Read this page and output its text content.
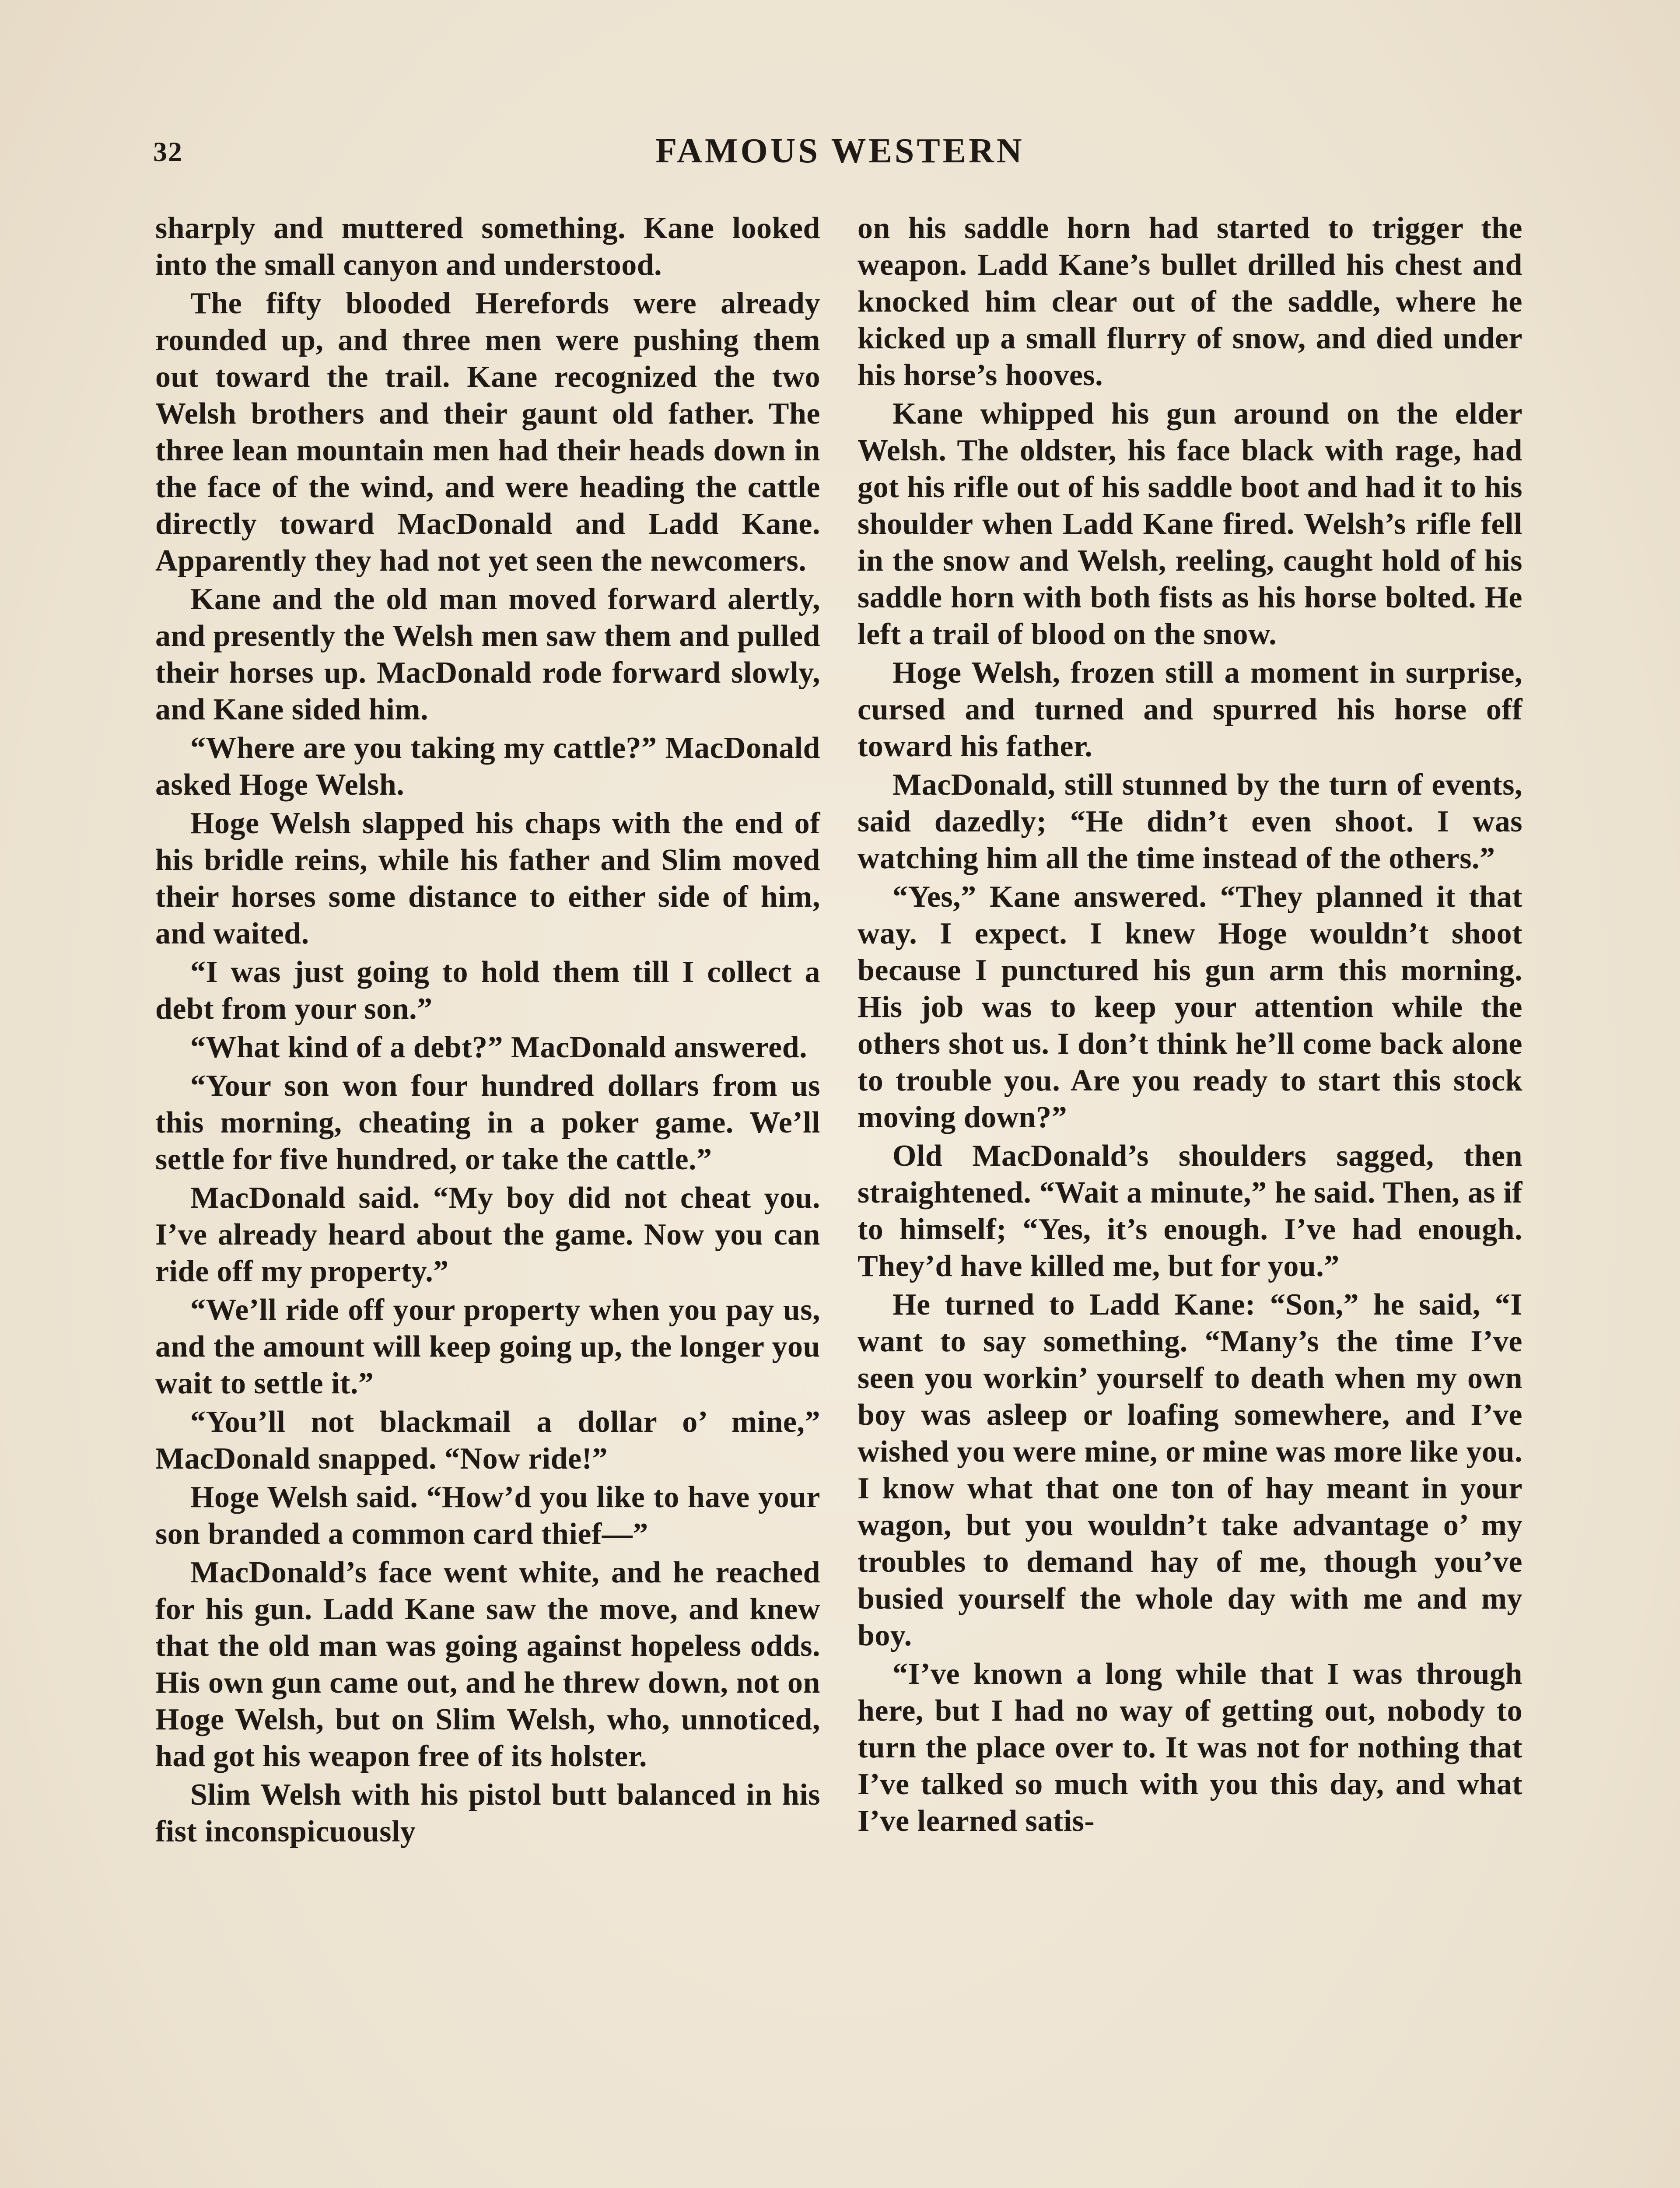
32	FAMOUS WESTERN

sharply and muttered something. Kane looked into the small canyon and understood.

The fifty blooded Herefords were already rounded up, and three men were pushing them out toward the trail. Kane recognized the two Welsh brothers and their gaunt old father. The three lean mountain men had their heads down in the face of the wind, and were heading the cattle directly toward MacDonald and Ladd Kane. Apparently they had not yet seen the newcomers.

Kane and the old man moved forward alertly, and presently the Welsh men saw them and pulled their horses up. MacDonald rode forward slowly, and Kane sided him.

“Where are you taking my cattle?” MacDonald asked Hoge Welsh.

Hoge Welsh slapped his chaps with the end of his bridle reins, while his father and Slim moved their horses some distance to either side of him, and waited.

“I was just going to hold them till I collect a debt from your son.”

“What kind of a debt?” MacDonald answered.

“Your son won four hundred dollars from us this morning, cheating in a poker game. We’ll settle for five hundred, or take the cattle.”

MacDonald said. “My boy did not cheat you. I’ve already heard about the game. Now you can ride off my property.”

“We’ll ride off your property when you pay us, and the amount will keep going up, the longer you wait to settle it.”

“You’ll not blackmail a dollar o’ mine,” MacDonald snapped. “Now ride!”

Hoge Welsh said. “How’d you like to have your son branded a common card thief—”

MacDonald’s face went white, and he reached for his gun. Ladd Kane saw the move, and knew that the old man was going against hopeless odds. His own gun came out, and he threw down, not on Hoge Welsh, but on Slim Welsh, who, unnoticed, had got his weapon free of its holster.

Slim Welsh with his pistol butt balanced in his fist inconspicuously

on his saddle horn had started to trigger the weapon. Ladd Kane’s bullet drilled his chest and knocked him clear out of the saddle, where he kicked up a small flurry of snow, and died under his horse’s hooves.

Kane whipped his gun around on the elder Welsh. The oldster, his face black with rage, had got his rifle out of his saddle boot and had it to his shoulder when Ladd Kane fired. Welsh’s rifle fell in the snow and Welsh, reeling, caught hold of his saddle horn with both fists as his horse bolted. He left a trail of blood on the snow.

Hoge Welsh, frozen still a moment in surprise, cursed and turned and spurred his horse off toward his father.

MacDonald, still stunned by the turn of events, said dazedly; “He didn’t even shoot. I was watching him all the time instead of the others.”

“Yes,” Kane answered. “They planned it that way. I expect. I knew Hoge wouldn’t shoot because I punctured his gun arm this morning. His job was to keep your attention while the others shot us. I don’t think he’ll come back alone to trouble you. Are you ready to start this stock moving down?”

Old MacDonald’s shoulders sagged, then straightened. “Wait a minute,” he said. Then, as if to himself; “Yes, it’s enough. I’ve had enough. They’d have killed me, but for you.”

He turned to Ladd Kane: “Son,” he said, “I want to say something. “Many’s the time I’ve seen you workin’ yourself to death when my own boy was asleep or loafing somewhere, and I’ve wished you were mine, or mine was more like you. I know what that one ton of hay meant in your wagon, but you wouldn’t take advantage o’ my troubles to demand hay of me, though you’ve busied yourself the whole day with me and my boy.

“I’ve known a long while that I was through here, but I had no way of getting out, nobody to turn the place over to. It was not for nothing that I’ve talked so much with you this day, and what I’ve learned satis-
